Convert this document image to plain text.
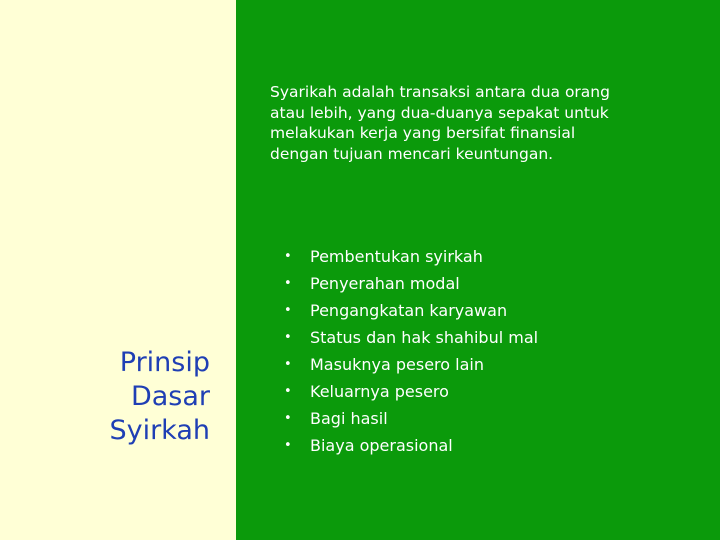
Prinsip
Dasar
Syirkah

Syarikah adalah transaksi antara dua orang
atau lebih, yang dua-duanya sepakat untuk
melakukan kerja yang bersifat finansial
dengan tujuan mencari keuntungan.

•	Pembentukan syirkah
•	Penyerahan modal
•	Pengangkatan karyawan
•	Status dan hak shahibul mal
•	Masuknya pesero lain
•	Keluarnya pesero
•	Bagi hasil
•	Biaya operasional
